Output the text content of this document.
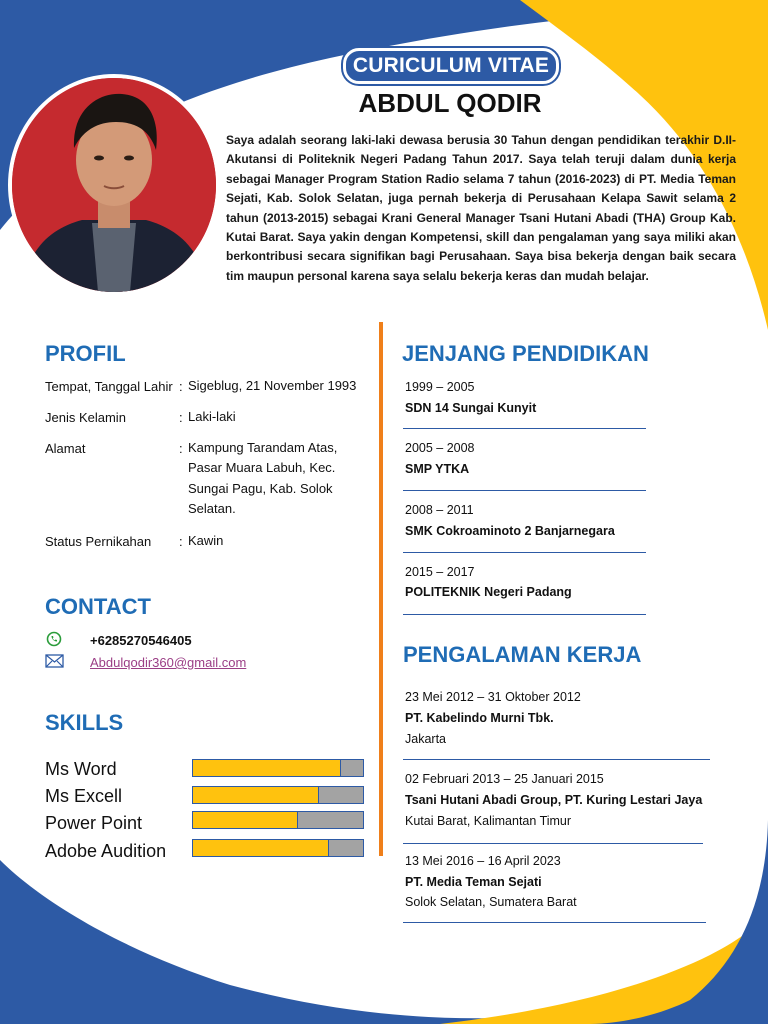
CURICULUM VITAE
ABDUL QODIR
Saya adalah seorang laki-laki dewasa berusia 30 Tahun dengan pendidikan terakhir D.II-Akutansi di Politeknik Negeri Padang Tahun 2017. Saya telah teruji dalam dunia kerja sebagai Manager Program Station Radio selama 7 tahun (2016-2023) di PT. Media Teman Sejati, Kab. Solok Selatan, juga pernah bekerja di Perusahaan Kelapa Sawit selama 2 tahun (2013-2015) sebagai Krani General Manager Tsani Hutani Abadi (THA) Group Kab. Kutai Barat. Saya yakin dengan Kompetensi, skill dan pengalaman yang saya miliki akan berkontribusi secara signifikan bagi Perusahaan. Saya bisa bekerja dengan baik secara tim maupun personal karena saya selalu bekerja keras dan mudah belajar.
PROFIL
Tempat, Tanggal Lahir : Sigeblug, 21 November 1993
Jenis Kelamin	: Laki-laki
Alamat	: Kampung Tarandam Atas,
Pasar Muara Labuh, Kec.
Sungai Pagu, Kab. Solok
Selatan.
Status Pernikahan : Kawin
CONTACT
+6285270546405
Abdulqodir360@gmail.com
SKILLS
Ms Word
Ms Excell
Power Point
Adobe Audition
JENJANG PENDIDIKAN
1999 – 2005
SDN 14 Sungai Kunyit
2005 – 2008
SMP YTKA
2008 – 2011
SMK Cokroaminoto 2 Banjarnegara
2015 – 2017
POLITEKNIK Negeri Padang
PENGALAMAN KERJA
23 Mei 2012 – 31 Oktober 2012
PT. Kabelindo Murni Tbk.
Jakarta
02 Februari 2013 – 25 Januari 2015
Tsani Hutani Abadi Group, PT. Kuring Lestari Jaya
Kutai Barat, Kalimantan Timur
13 Mei 2016 – 16 April 2023
PT. Media Teman Sejati
Solok Selatan, Sumatera Barat
